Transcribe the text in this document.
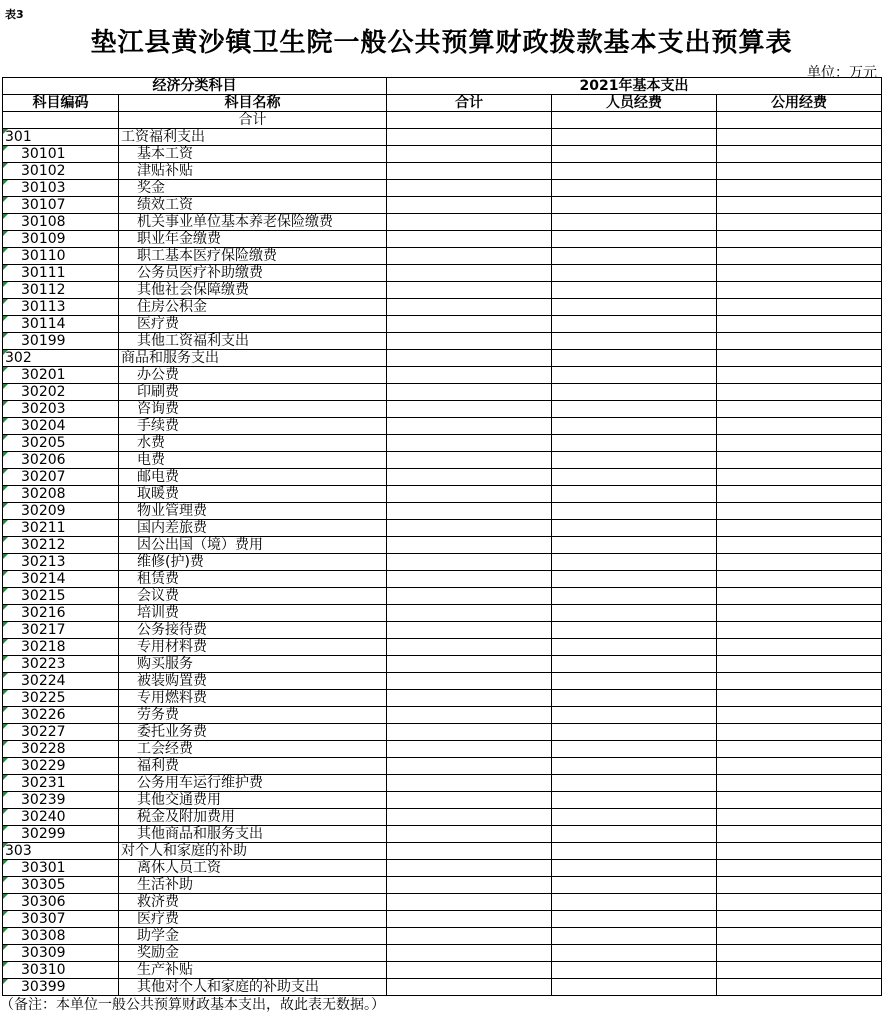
表3
垫江县黄沙镇卫生院一般公共预算财政拨款基本支出预算表
单位：万元
经济分类科目		2021年基本支出		
科目编码	科目名称	合计	人员经费	公用经费
	合计			
301	工资福利支出			
30101	基本工资			
30102	津贴补贴			
30103	奖金			
30107	绩效工资			
30108	机关事业单位基本养老保险缴费			
30109	职业年金缴费			
30110	职工基本医疗保险缴费			
30111	公务员医疗补助缴费			
30112	其他社会保障缴费			
30113	住房公积金			
30114	医疗费			
30199	其他工资福利支出			
302	商品和服务支出			
30201	办公费			
30202	印刷费			
30203	咨询费			
30204	手续费			
30205	水费			
30206	电费			
30207	邮电费			
30208	取暖费			
30209	物业管理费			
30211	国内差旅费			
30212	因公出国（境）费用			
30213	维修(护)费			
30214	租赁费			
30215	会议费			
30216	培训费			
30217	公务接待费			
30218	专用材料费			
30223	购买服务			
30224	被装购置费			
30225	专用燃料费			
30226	劳务费			
30227	委托业务费			
30228	工会经费			
30229	福利费			
30231	公务用车运行维护费			
30239	其他交通费用			
30240	税金及附加费用			
30299	其他商品和服务支出			
303	对个人和家庭的补助			
30301	离休人员工资			
30305	生活补助			
30306	救济费			
30307	医疗费			
30308	助学金			
30309	奖励金			
30310	生产补贴			
30399	其他对个人和家庭的补助支出			
（备注：本单位一般公共预算财政基本支出，故此表无数据。）
